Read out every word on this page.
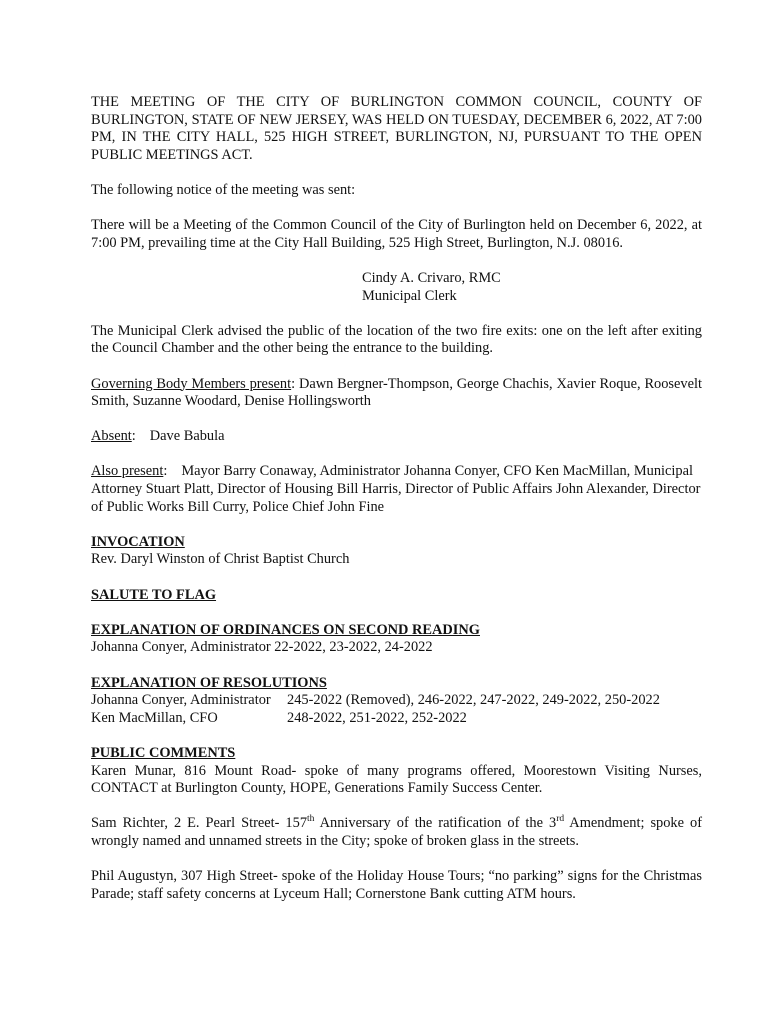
THE MEETING OF THE CITY OF BURLINGTON COMMON COUNCIL, COUNTY OF BURLINGTON, STATE OF NEW JERSEY, WAS HELD ON TUESDAY, DECEMBER 6, 2022, AT 7:00 PM, IN THE CITY HALL, 525 HIGH STREET, BURLINGTON, NJ, PURSUANT TO THE OPEN PUBLIC MEETINGS ACT.

The following notice of the meeting was sent:

There will be a Meeting of the Common Council of the City of Burlington held on December 6, 2022, at 7:00 PM, prevailing time at the City Hall Building, 525 High Street, Burlington, N.J. 08016.

Cindy A. Crivaro, RMC
Municipal Clerk

The Municipal Clerk advised the public of the location of the two fire exits: one on the left after exiting the Council Chamber and the other being the entrance to the building.

Governing Body Members present: Dawn Bergner-Thompson, George Chachis, Xavier Roque, Roosevelt Smith, Suzanne Woodard, Denise Hollingsworth

Absent: Dave Babula

Also present: Mayor Barry Conaway, Administrator Johanna Conyer, CFO Ken MacMillan, Municipal Attorney Stuart Platt, Director of Housing Bill Harris, Director of Public Affairs John Alexander, Director of Public Works Bill Curry, Police Chief John Fine

INVOCATION
Rev. Daryl Winston of Christ Baptist Church

SALUTE TO FLAG

EXPLANATION OF ORDINANCES ON SECOND READING
Johanna Conyer, Administrator 22-2022, 23-2022, 24-2022

EXPLANATION OF RESOLUTIONS
Johanna Conyer, Administrator	245-2022 (Removed), 246-2022, 247-2022, 249-2022, 250-2022
Ken MacMillan, CFO	248-2022, 251-2022, 252-2022

PUBLIC COMMENTS
Karen Munar, 816 Mount Road- spoke of many programs offered, Moorestown Visiting Nurses, CONTACT at Burlington County, HOPE, Generations Family Success Center.

Sam Richter, 2 E. Pearl Street- 157th Anniversary of the ratification of the 3rd Amendment; spoke of wrongly named and unnamed streets in the City; spoke of broken glass in the streets.

Phil Augustyn, 307 High Street- spoke of the Holiday House Tours; “no parking” signs for the Christmas Parade; staff safety concerns at Lyceum Hall; Cornerstone Bank cutting ATM hours.
